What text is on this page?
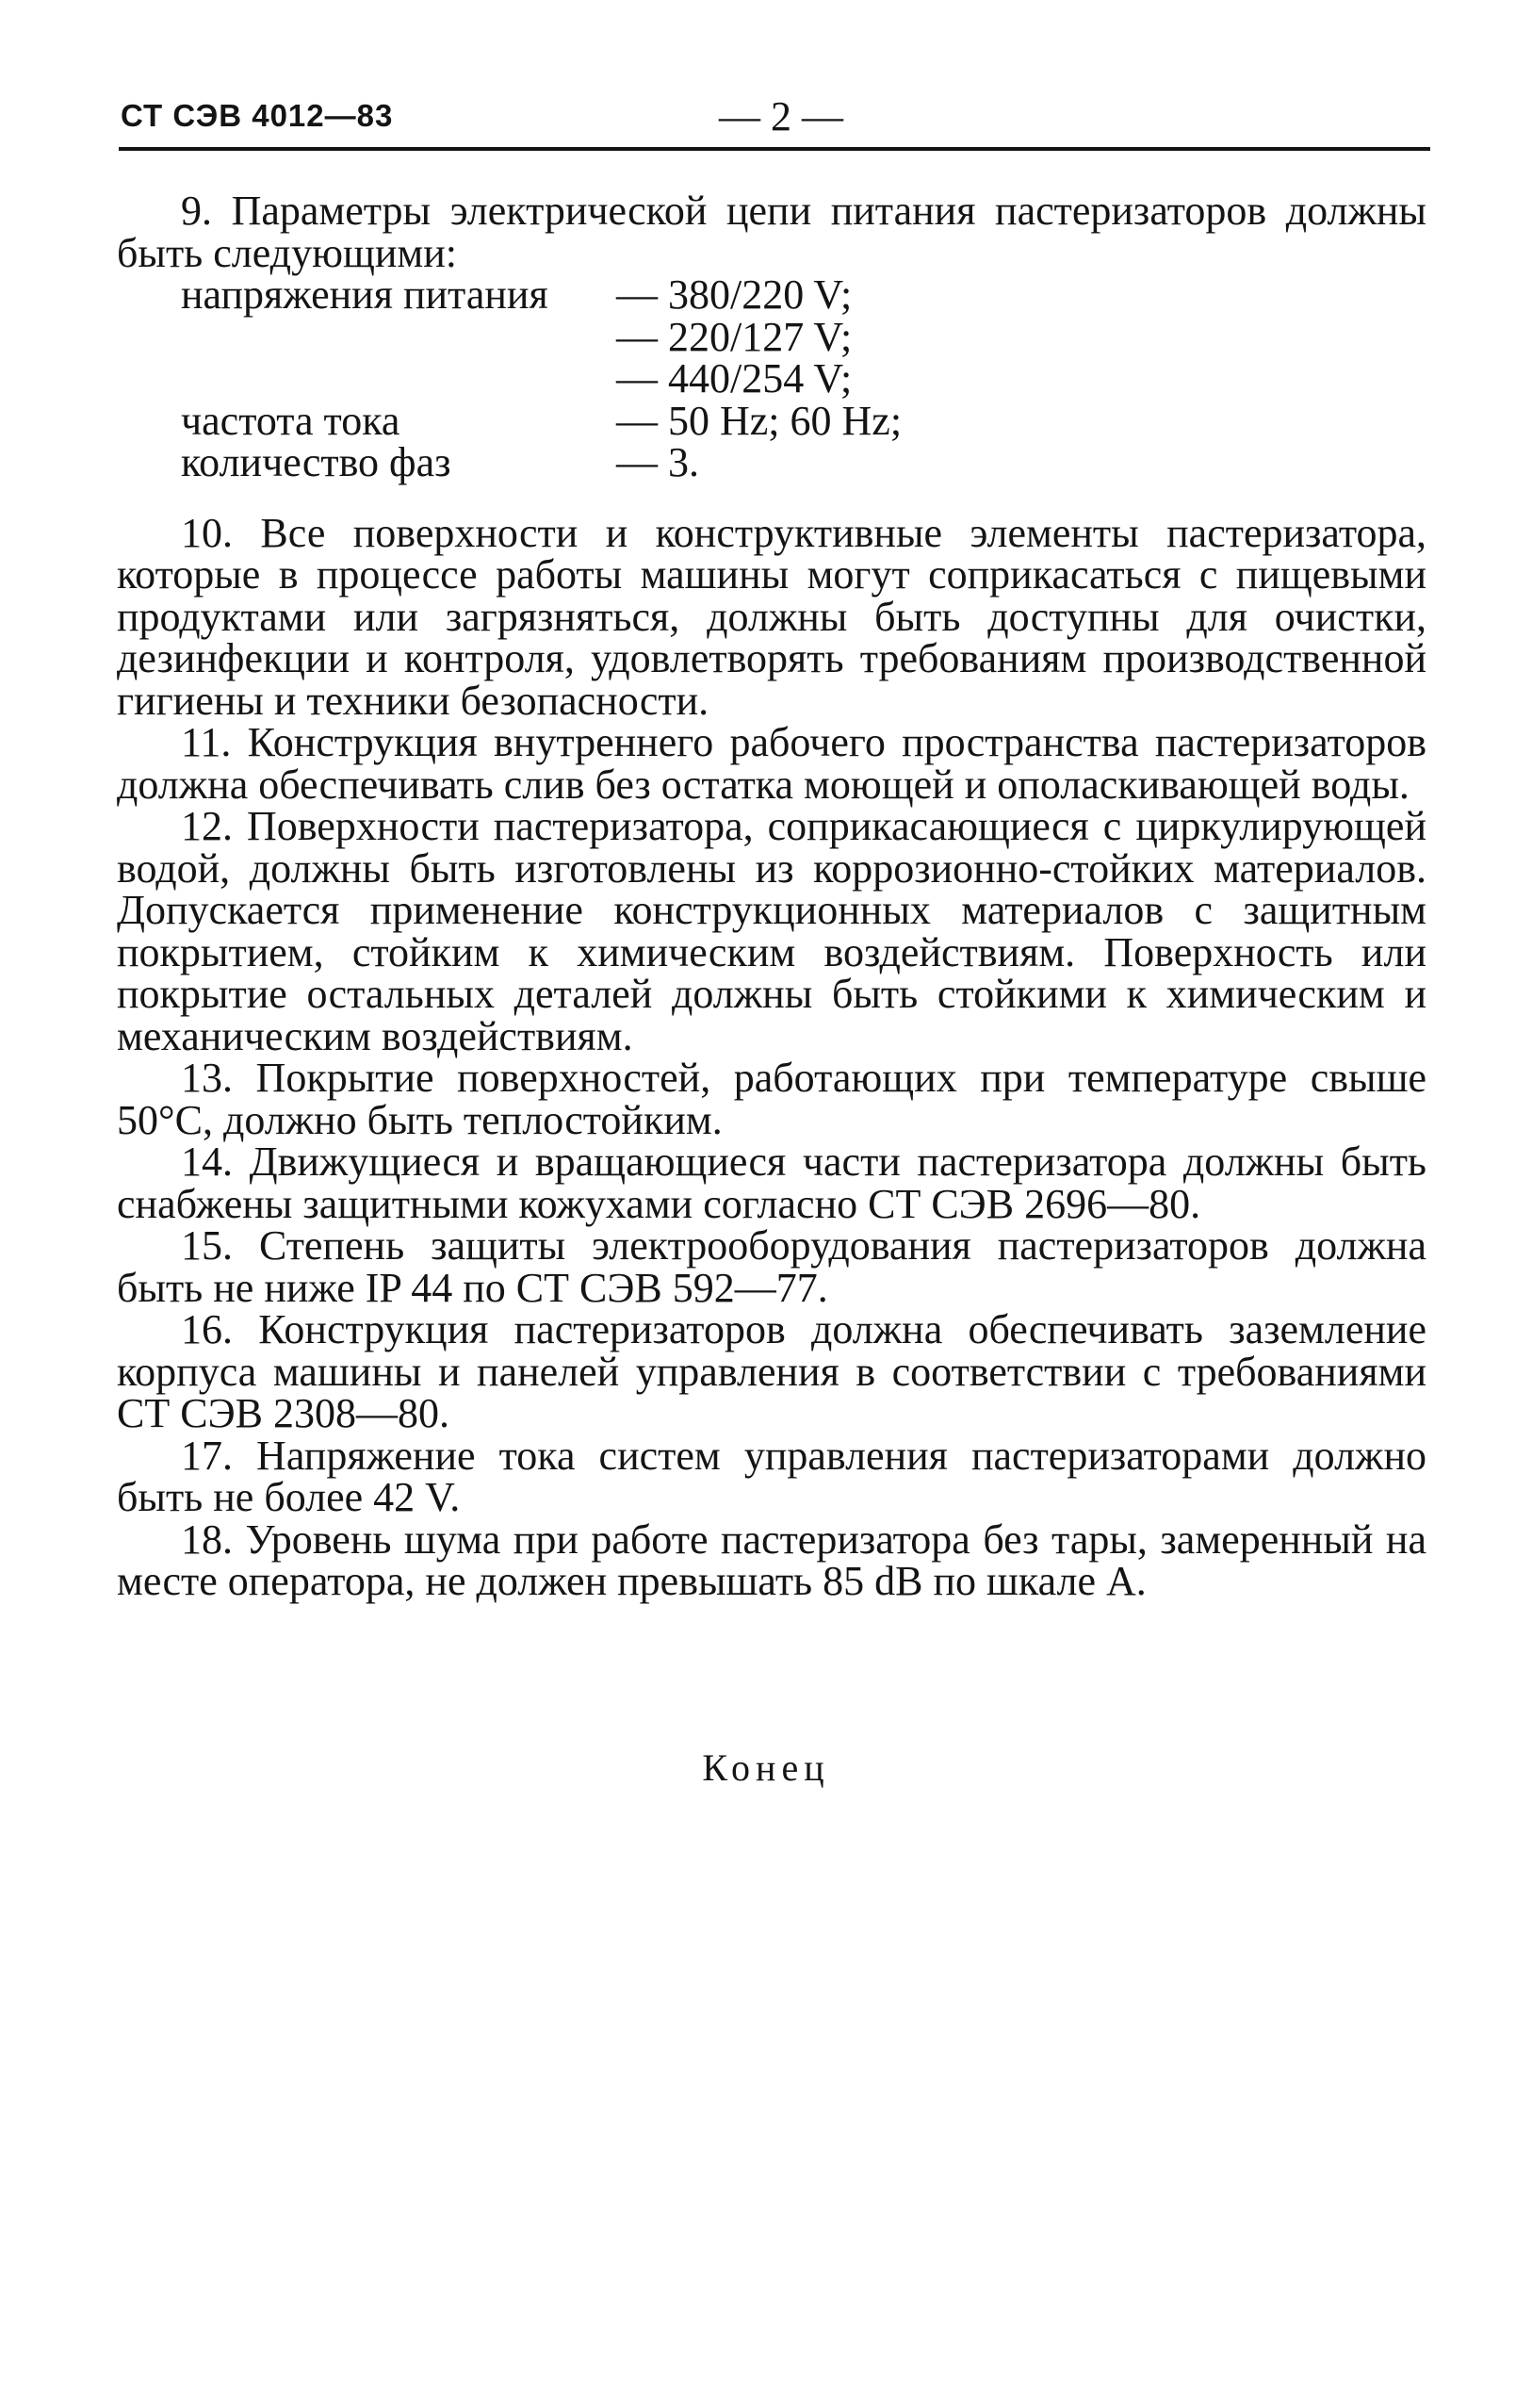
СТ СЭВ 4012—83	— 2 —

9. Параметры электрической цепи питания пастеризаторов должны быть следующими:

напряжения питания	— 380/220 V;
	— 220/127 V;
	— 440/254 V;
частота тока	— 50 Hz; 60 Hz;
количество фаз	— 3.

10. Все поверхности и конструктивные элементы пастеризатора, которые в процессе работы машины могут соприкасаться с пищевыми продуктами или загрязняться, должны быть доступны для очистки, дезинфекции и контроля, удовлетворять требованиям производственной гигиены и техники безопасности.

11. Конструкция внутреннего рабочего пространства пастеризаторов должна обеспечивать слив без остатка моющей и ополаскивающей воды.

12. Поверхности пастеризатора, соприкасающиеся с циркулирующей водой, должны быть изготовлены из коррозионно-стойких материалов. Допускается применение конструкционных материалов с защитным покрытием, стойким к химическим воздействиям. Поверхность или покрытие остальных деталей должны быть стойкими к химическим и механическим воздействиям.

13. Покрытие поверхностей, работающих при температуре свыше 50°С, должно быть теплостойким.

14. Движущиеся и вращающиеся части пастеризатора должны быть снабжены защитными кожухами согласно СТ СЭВ 2696—80.

15. Степень защиты электрооборудования пастеризаторов должна быть не ниже IP 44 по СТ СЭВ 592—77.

16. Конструкция пастеризаторов должна обеспечивать заземление корпуса машины и панелей управления в соответствии с требованиями СТ СЭВ 2308—80.

17. Напряжение тока систем управления пастеризаторами должно быть не более 42 V.

18. Уровень шума при работе пастеризатора без тары, замеренный на месте оператора, не должен превышать 85 dB по шкале А.

Конец
